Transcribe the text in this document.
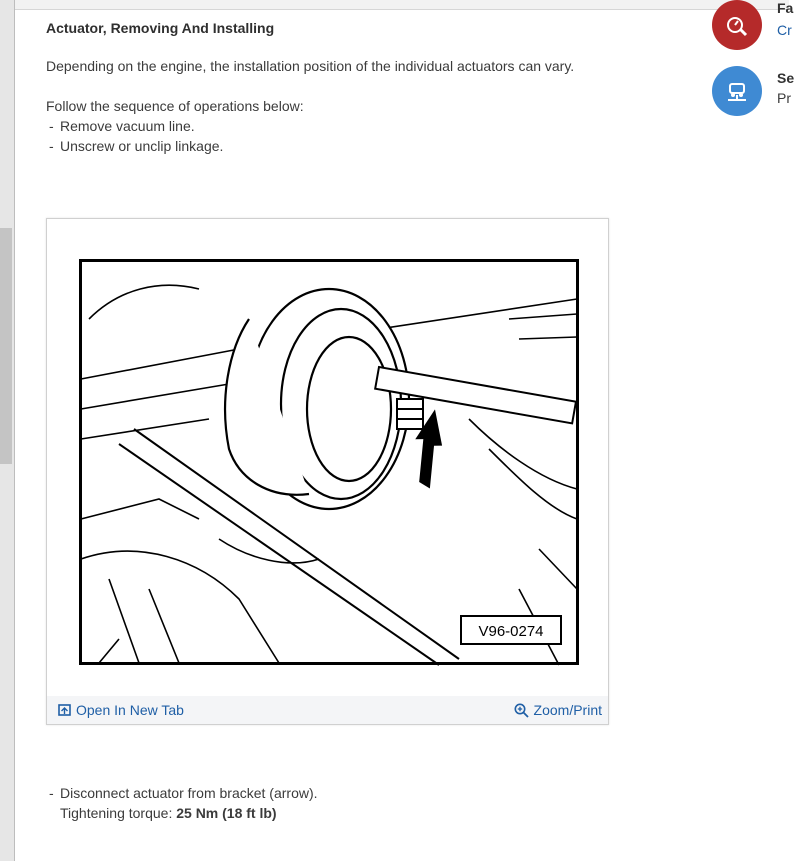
Actuator, Removing And Installing

Depending on the engine, the installation position of the individual actuators can vary.

Follow the sequence of operations below:

- Remove vacuum line.

- Unscrew or unclip linkage.

V96-0274
Open In New Tab	Zoom/Print

- Disconnect actuator from bracket (arrow).

Tightening torque: 25 Nm (18 ft lb)

Fa
Cr
Se
Pr
